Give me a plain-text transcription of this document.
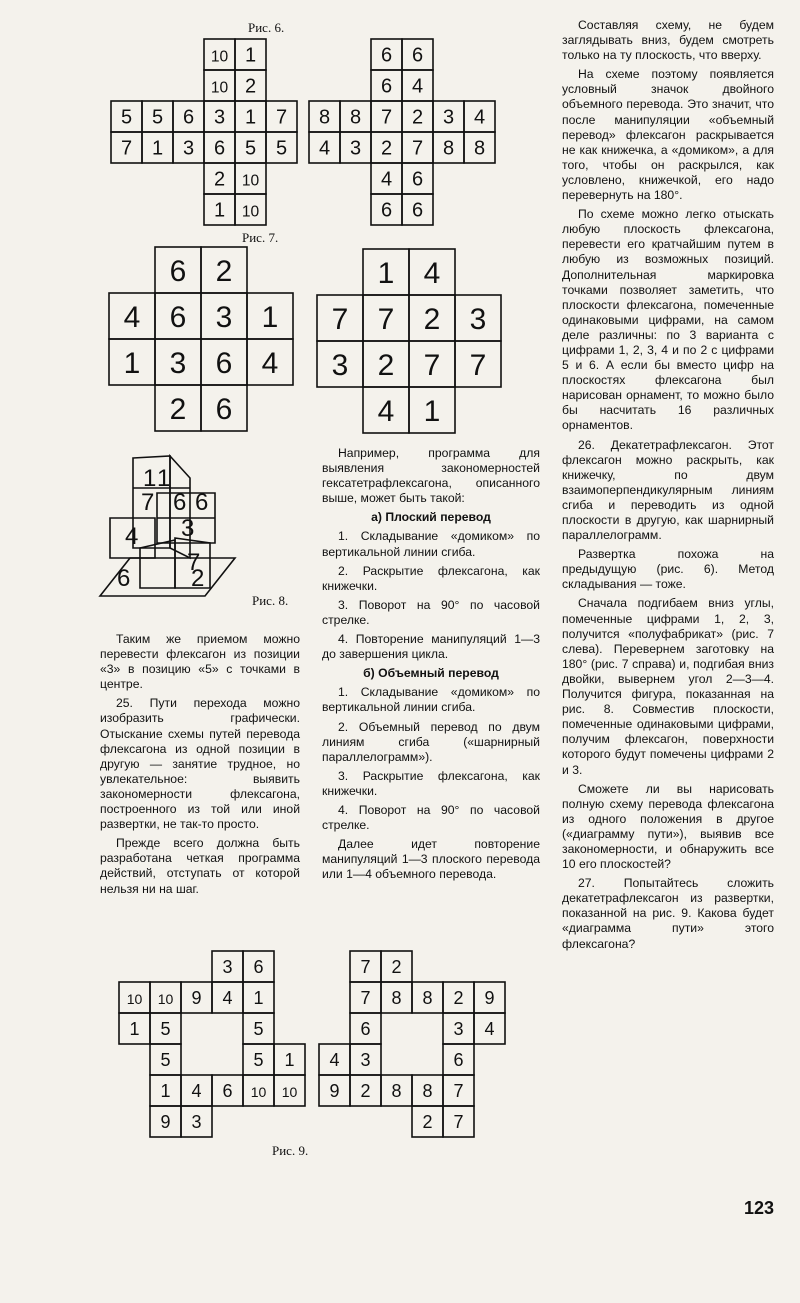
Рис. 6.
10 1
10 2
5 5 6 3 1 7
7 1 3 6 5 5
2 10
1 10
6 6
6 4
8 8 7 2 3 4
4 3 2 7 8 8
4 6
6 6
Рис. 7.
6 2
4 6 3 1
1 3 6 4
2 6
1 4
7 7 2 3
3 2 7 7
4 1
1 1
7 6 6
4 3
7
6	2
Рис. 8.
3 6
10 10 9 4 1
1 5	5
5	5 1
1 4 6 10 10
9 3
7 2
7 8 8 2 9
6	3 4
4 3	6
9 2 8 8 7
2 7
Рис. 9.

Таким же приемом можно перевести флексагон из позиции «3» в позицию «5» с точками в центре.

25. Пути перехода можно изобразить графически. Отыскание схемы путей перевода флексагона из одной позиции в другую — занятие трудное, но увлекательное: выявить закономерности флексагона, построенного из той или иной развертки, не так-то просто.

Прежде всего должна быть разработана четкая программа действий, отступать от которой нельзя ни на шаг.

Например, программа для выявления закономерностей гексатетрафлексагона, описанного выше, может быть такой:

а) Плоский перевод

1. Складывание «домиком» по вертикальной линии сгиба.

2. Раскрытие флексагона, как книжечки.

3. Поворот на 90° по часовой стрелке.

4. Повторение манипуляций 1—3 до завершения цикла.

б) Объемный перевод

1. Складывание «домиком» по вертикальной линии сгиба.

2. Объемный перевод по двум линиям сгиба («шарнирный параллелограмм»).

3. Раскрытие флексагона, как книжечки.

4. Поворот на 90° по часовой стрелке.

Далее идет повторение манипуляций 1—3 плоского перевода или 1—4 объемного перевода.

Составляя схему, не будем заглядывать вниз, будем смотреть только на ту плоскость, что вверху.

На схеме поэтому появляется условный значок двойного объемного перевода. Это значит, что после манипуляции «объемный перевод» флексагон раскрывается не как книжечка, а «домиком», а для того, чтобы он раскрылся, как условлено, книжечкой, его надо перевернуть на 180°.

По схеме можно легко отыскать любую плоскость флексагона, перевести его кратчайшим путем в любую из возможных позиций. Дополнительная маркировка точками позволяет заметить, что плоскости флексагона, помеченные одинаковыми цифрами, на самом деле различны: по 3 варианта с цифрами 1, 2, 3, 4 и по 2 с цифрами 5 и 6. А если бы вместо цифр на плоскостях флексагона был нарисован орнамент, то можно было бы насчитать 16 различных орнаментов.

26. Декатетрафлексагон. Этот флексагон можно раскрыть, как книжечку, по двум взаимоперпендикулярным линиям сгиба и переводить из одной плоскости в другую, как шарнирный параллелограмм.

Развертка похожа на предыдущую (рис. 6). Метод складывания — тоже.

Сначала подгибаем вниз углы, помеченные цифрами 1, 2, 3, получится «полуфабрикат» (рис. 7 слева). Перевернем заготовку на 180° (рис. 7 справа) и, подгибая вниз двойки, вывернем угол 2—3—4. Получится фигура, показанная на рис. 8. Совместив плоскости, помеченные одинаковыми цифрами, получим флексагон, поверхности которого будут помечены цифрами 2 и 3.

Сможете ли вы нарисовать полную схему перевода флексагона из одного положения в другое («диаграмму пути»), выявив все закономерности, и обнаружить все 10 его плоскостей?

27. Попытайтесь сложить декатетрафлексагон из развертки, показанной на рис. 9. Какова будет «диаграмма пути» этого флексагона?

123
